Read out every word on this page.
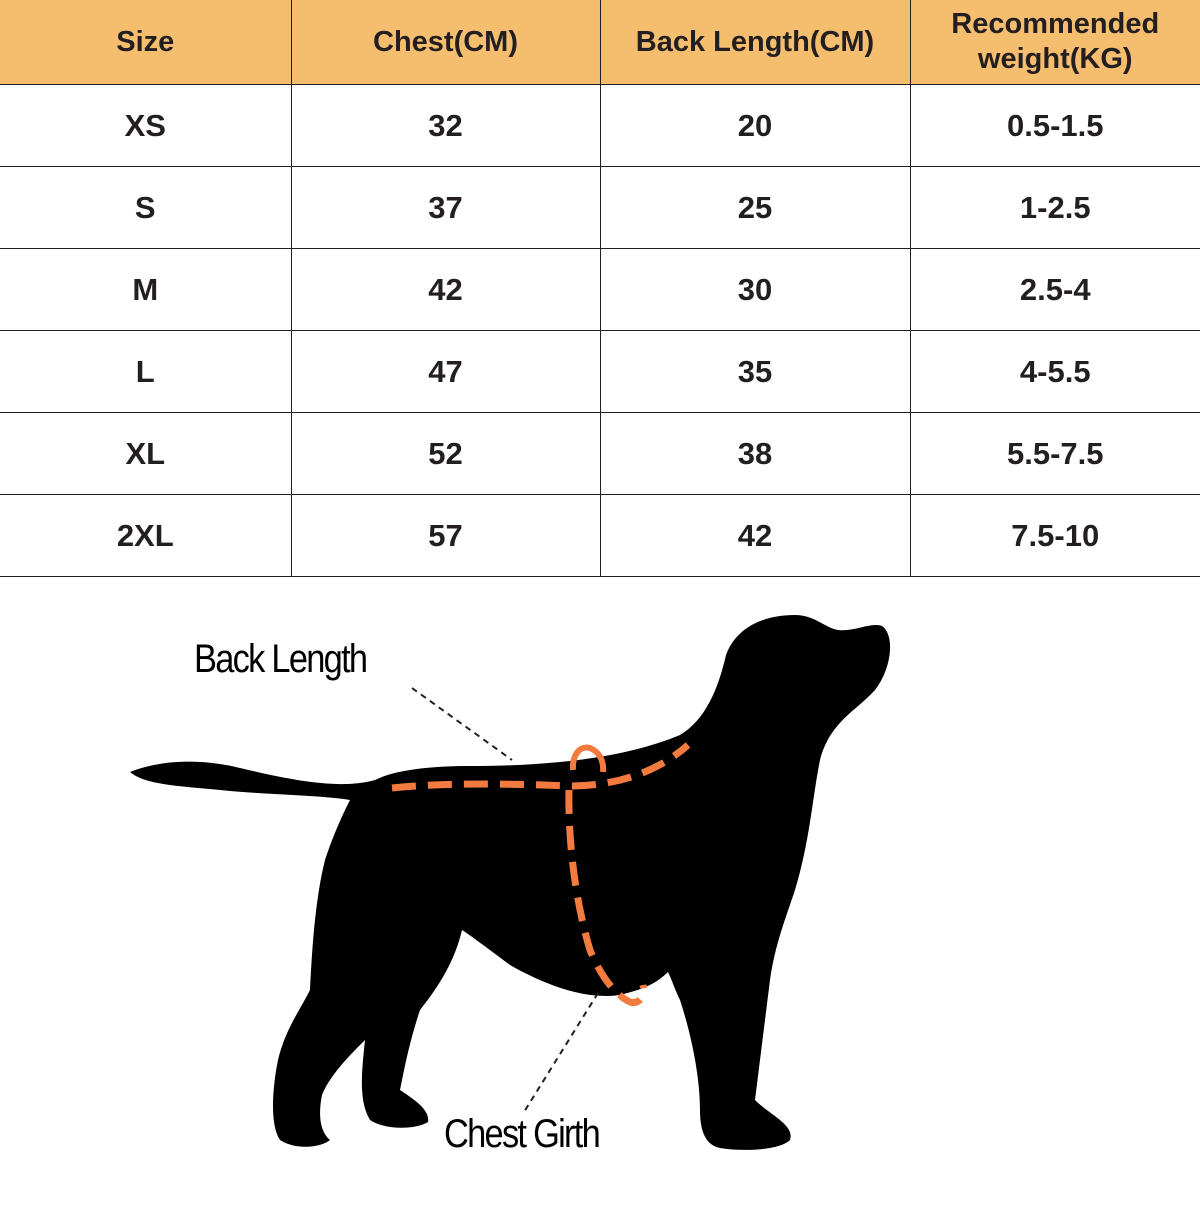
Size	Chest(CM)	Back Length(CM)	Recommended
weight(KG)
XS	32	20	0.5-1.5
S	37	25	1-2.5
M	42	30	2.5-4
L	47	35	4-5.5
XL	52	38	5.5-7.5
2XL	57	42	7.5-10
Back Length
Chest Girth
